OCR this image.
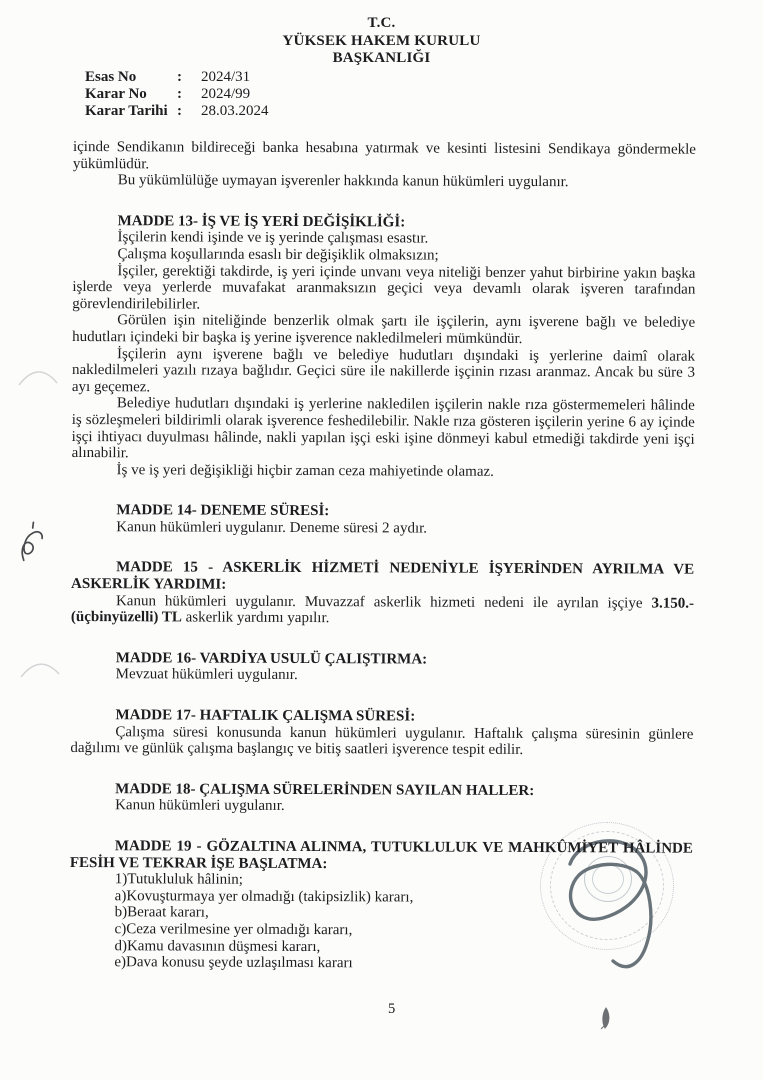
T.C.
YÜKSEK HAKEM KURULU
BAŞKANLIĞI
Esas No	:	2024/31
Karar No	:	2024/99
Karar Tarihi :	28.03.2024

içinde Sendikanın bildireceği banka hesabına yatırmak ve kesinti listesini Sendikaya göndermekle yükümlüdür.

Bu yükümlülüğe uymayan işverenler hakkında kanun hükümleri uygulanır.

MADDE 13- İŞ VE İŞ YERİ DEĞİŞİKLİĞİ:

İşçilerin kendi işinde ve iş yerinde çalışması esastır.

Çalışma koşullarında esaslı bir değişiklik olmaksızın;

İşçiler, gerektiği takdirde, iş yeri içinde unvanı veya niteliği benzer yahut birbirine yakın başka işlerde veya yerlerde muvafakat aranmaksızın geçici veya devamlı olarak işveren tarafından görevlendirilebilirler.

Görülen işin niteliğinde benzerlik olmak şartı ile işçilerin, aynı işverene bağlı ve belediye hudutları içindeki bir başka iş yerine işverence nakledilmeleri mümkündür.

İşçilerin aynı işverene bağlı ve belediye hudutları dışındaki iş yerlerine daimî olarak nakledilmeleri yazılı rızaya bağlıdır. Geçici süre ile nakillerde işçinin rızası aranmaz. Ancak bu süre 3 ayı geçemez.

Belediye hudutları dışındaki iş yerlerine nakledilen işçilerin nakle rıza göstermemeleri hâlinde iş sözleşmeleri bildirimli olarak işverence feshedilebilir. Nakle rıza gösteren işçilerin yerine 6 ay içinde işçi ihtiyacı duyulması hâlinde, nakli yapılan işçi eski işine dönmeyi kabul etmediği takdirde yeni işçi alınabilir.

İş ve iş yeri değişikliği hiçbir zaman ceza mahiyetinde olamaz.

MADDE 14- DENEME SÜRESİ:

Kanun hükümleri uygulanır. Deneme süresi 2 aydır.

MADDE 15 - ASKERLİK HİZMETİ NEDENİYLE İŞYERİNDEN AYRILMA VE ASKERLİK YARDIMI:

Kanun hükümleri uygulanır. Muvazzaf askerlik hizmeti nedeni ile ayrılan işçiye 3.150.-(üçbinyüzelli) TL askerlik yardımı yapılır.

MADDE 16- VARDİYA USULÜ ÇALIŞTIRMA:

Mevzuat hükümleri uygulanır.

MADDE 17- HAFTALIK ÇALIŞMA SÜRESİ:

Çalışma süresi konusunda kanun hükümleri uygulanır. Haftalık çalışma süresinin günlere dağılımı ve günlük çalışma başlangıç ve bitiş saatleri işverence tespit edilir.

MADDE 18- ÇALIŞMA SÜRELERİNDEN SAYILAN HALLER:

Kanun hükümleri uygulanır.

MADDE 19 - GÖZALTINA ALINMA, TUTUKLULUK VE MAHKÛMİYET HÂLİNDE FESİH VE TEKRAR İŞE BAŞLATMA:

1)Tutukluluk hâlinin;

a)Kovuşturmaya yer olmadığı (takipsizlik) kararı,

b)Beraat kararı,

c)Ceza verilmesine yer olmadığı kararı,

d)Kamu davasının düşmesi kararı,

e)Dava konusu şeyde uzlaşılması kararı

5
